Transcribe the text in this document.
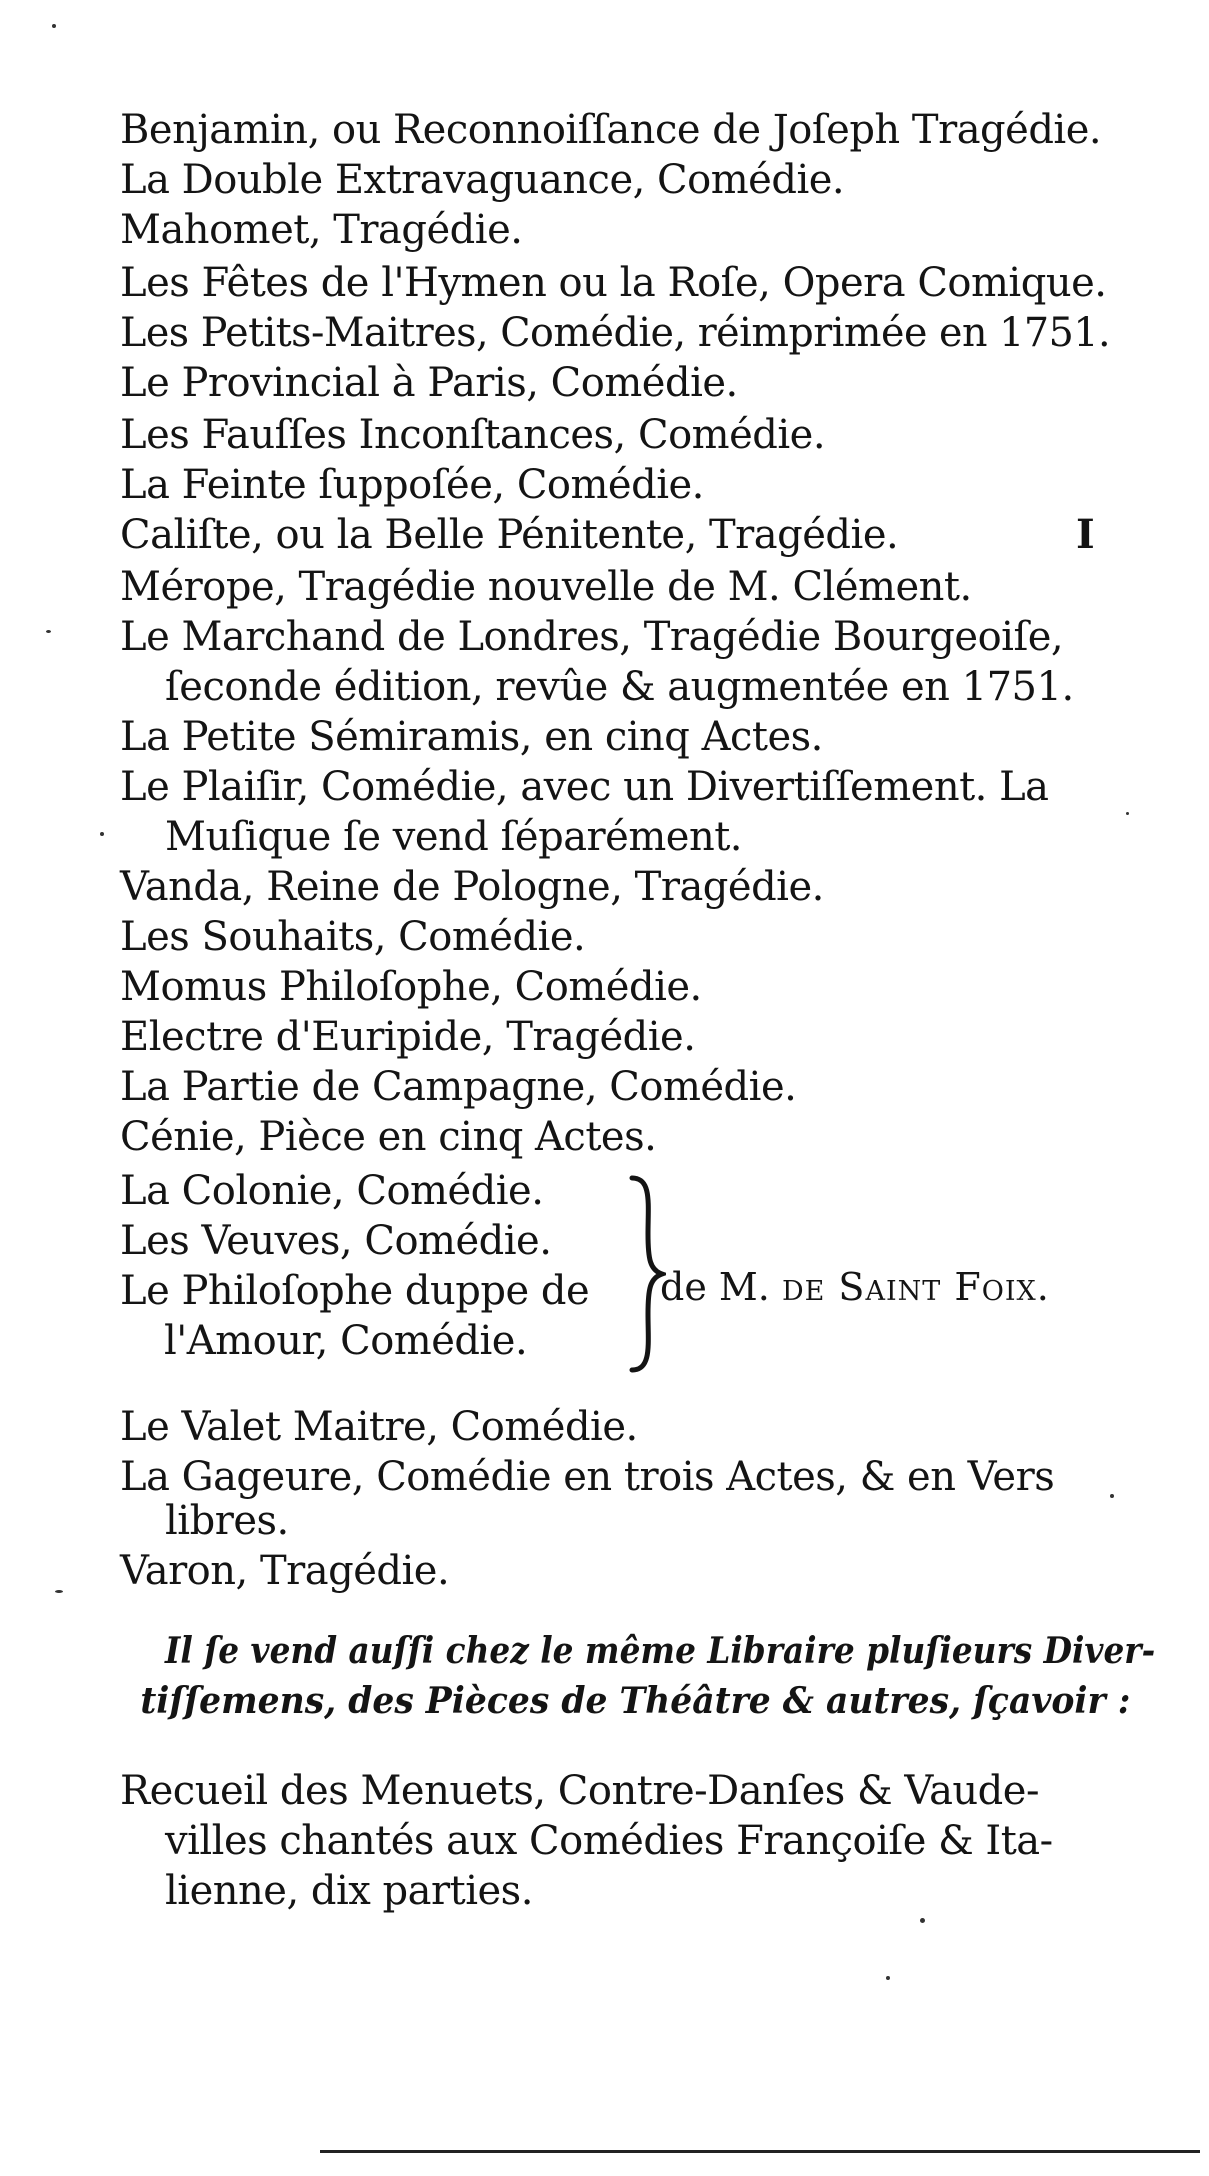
Benjamin, ou Reconnoiſſance de Joſeph Tragédie.
La Double Extravaguance, Comédie.
Mahomet, Tragédie.
Les Fêtes de l'Hymen ou la Roſe, Opera Comique.
Les Petits-Maitres, Comédie, réimprimée en 1751.
Le Provincial à Paris, Comédie.
Les Fauſſes Inconſtances, Comédie.
La Feinte ſuppoſée, Comédie.
Caliſte, ou la Belle Pénitente, Tragédie.	I
Mérope, Tragédie nouvelle de M. Clément.
Le Marchand de Londres, Tragédie Bourgeoiſe,
ſeconde édition, revûe & augmentée en 1751.
La Petite Sémiramis, en cinq Actes.
Le Plaiſir, Comédie, avec un Divertiſſement. La
Muſique ſe vend ſéparément.
Vanda, Reine de Pologne, Tragédie.
Les Souhaits, Comédie.
Momus Philoſophe, Comédie.
Electre d'Euripide, Tragédie.
La Partie de Campagne, Comédie.
Cénie, Pièce en cinq Actes.
La Colonie, Comédie.
Les Veuves, Comédie.
Le Philoſophe duppe de
l'Amour, Comédie.
de M. de Saint Foix.
Le Valet Maitre, Comédie.
La Gageure, Comédie en trois Actes, & en Vers
libres.
Varon, Tragédie.
Il ſe vend auſſi chez le même Libraire pluſieurs Diver-
tiſſemens, des Pièces de Théâtre & autres, ſçavoir :
Recueil des Menuets, Contre-Danſes & Vaude-
villes chantés aux Comédies Françoiſe & Ita-
lienne, dix parties.
